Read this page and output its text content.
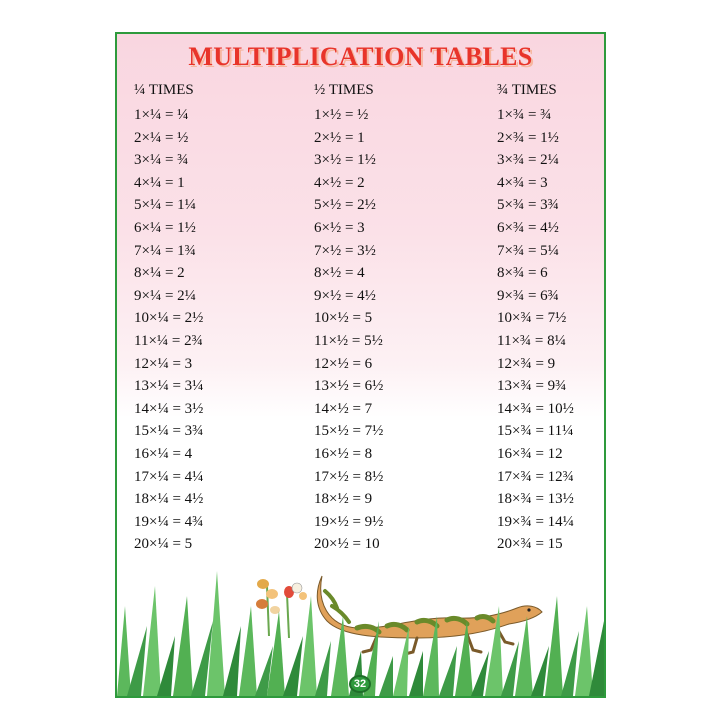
MULTIPLICATION TABLES
¼ TIMES
1×¼ = ¼
2×¼ = ½
3×¼ = ¾
4×¼ = 1
5×¼ = 1¼
6×¼ = 1½
7×¼ = 1¾
8×¼ = 2
9×¼ = 2¼
10×¼ = 2½
11×¼ = 2¾
12×¼ = 3
13×¼ = 3¼
14×¼ = 3½
15×¼ = 3¾
16×¼ = 4
17×¼ = 4¼
18×¼ = 4½
19×¼ = 4¾
20×¼ = 5
½ TIMES
1×½ = ½
2×½ = 1
3×½ = 1½
4×½ = 2
5×½ = 2½
6×½ = 3
7×½ = 3½
8×½ = 4
9×½ = 4½
10×½ = 5
11×½ = 5½
12×½ = 6
13×½ = 6½
14×½ = 7
15×½ = 7½
16×½ = 8
17×½ = 8½
18×½ = 9
19×½ = 9½
20×½ = 10
¾ TIMES
1×¾ = ¾
2×¾ = 1½
3×¾ = 2¼
4×¾ = 3
5×¾ = 3¾
6×¾ = 4½
7×¾ = 5¼
8×¾ = 6
9×¾ = 6¾
10×¾ = 7½
11×¾ = 8¼
12×¾ = 9
13×¾ = 9¾
14×¾ = 10½
15×¾ = 11¼
16×¾ = 12
17×¾ = 12¾
18×¾ = 13½
19×¾ = 14¼
20×¾ = 15
32
